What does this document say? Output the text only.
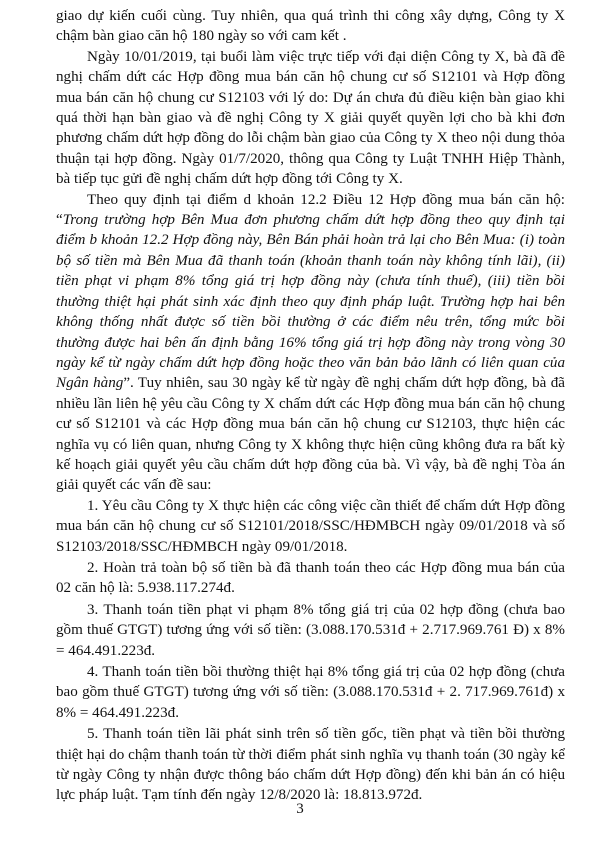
giao dự kiến cuối cùng. Tuy nhiên, qua quá trình thi công xây dựng, Công ty X chậm bàn giao căn hộ 180 ngày so với cam kết .

Ngày 10/01/2019, tại buổi làm việc trực tiếp với đại diện Công ty X, bà đã đề nghị chấm dứt các Hợp đồng mua bán căn hộ chung cư số S12101 và Hợp đồng mua bán căn hộ chung cư S12103 với lý do: Dự án chưa đủ điều kiện bàn giao khi quá thời hạn bàn giao và đề nghị Công ty X giải quyết quyền lợi cho bà khi đơn phương chấm dứt hợp đồng do lỗi chậm bàn giao của Công ty X theo nội dung thỏa thuận tại hợp đồng. Ngày 01/7/2020, thông qua Công ty Luật TNHH Hiệp Thành, bà tiếp tục gửi đề nghị chấm dứt hợp đồng tới Công ty X.

Theo quy định tại điểm d khoản 12.2 Điều 12 Hợp đồng mua bán căn hộ: “Trong trường hợp Bên Mua đơn phương chấm dứt hợp đồng theo quy định tại điểm b khoản 12.2 Hợp đồng này, Bên Bán phải hoàn trả lại cho Bên Mua: (i) toàn bộ số tiền mà Bên Mua đã thanh toán (khoản thanh toán này không tính lãi), (ii) tiền phạt vi phạm 8% tổng giá trị hợp đồng này (chưa tính thuế), (iii) tiền bồi thường thiệt hại phát sinh xác định theo quy định pháp luật. Trường hợp hai bên không thống nhất được số tiền bồi thường ở các điểm nêu trên, tổng mức bồi thường được hai bên ấn định bằng 16% tổng giá trị hợp đồng này trong vòng 30 ngày kể từ ngày chấm dứt hợp đồng hoặc theo văn bản bảo lãnh có liên quan của Ngân hàng”. Tuy nhiên, sau 30 ngày kể từ ngày đề nghị chấm dứt hợp đồng, bà đã nhiều lần liên hệ yêu cầu Công ty X chấm dứt các Hợp đồng mua bán căn hộ chung cư số S12101 và các Hợp đồng mua bán căn hộ chung cư S12103, thực hiện các nghĩa vụ có liên quan, nhưng Công ty X không thực hiện cũng không đưa ra bất kỳ kế hoạch giải quyết yêu cầu chấm dứt hợp đồng của bà. Vì vậy, bà đề nghị Tòa án giải quyết các vấn đề sau:

1. Yêu cầu Công ty X thực hiện các công việc cần thiết để chấm dứt Hợp đồng mua bán căn hộ chung cư số S12101/2018/SSC/HĐMBCH ngày 09/01/2018 và số S12103/2018/SSC/HĐMBCH ngày 09/01/2018.

2. Hoàn trả toàn bộ số tiền bà đã thanh toán theo các Hợp đồng mua bán của 02 căn hộ là: 5.938.117.274đ.

3. Thanh toán tiền phạt vi phạm 8% tổng giá trị của 02 hợp đồng (chưa bao gồm thuế GTGT) tương ứng với số tiền: (3.088.170.531đ + 2.717.969.761 Đ) x 8% = 464.491.223đ.

4. Thanh toán tiền bồi thường thiệt hại 8% tổng giá trị của 02 hợp đồng (chưa bao gồm thuế GTGT) tương ứng với số tiền: (3.088.170.531đ + 2. 717.969.761đ) x 8% = 464.491.223đ.

5. Thanh toán tiền lãi phát sinh trên số tiền gốc, tiền phạt và tiền bồi thường thiệt hại do chậm thanh toán từ thời điểm phát sinh nghĩa vụ thanh toán (30 ngày kể từ ngày Công ty nhận được thông báo chấm dứt Hợp đồng) đến khi bản án có hiệu lực pháp luật. Tạm tính đến ngày 12/8/2020 là: 18.813.972đ.

3
